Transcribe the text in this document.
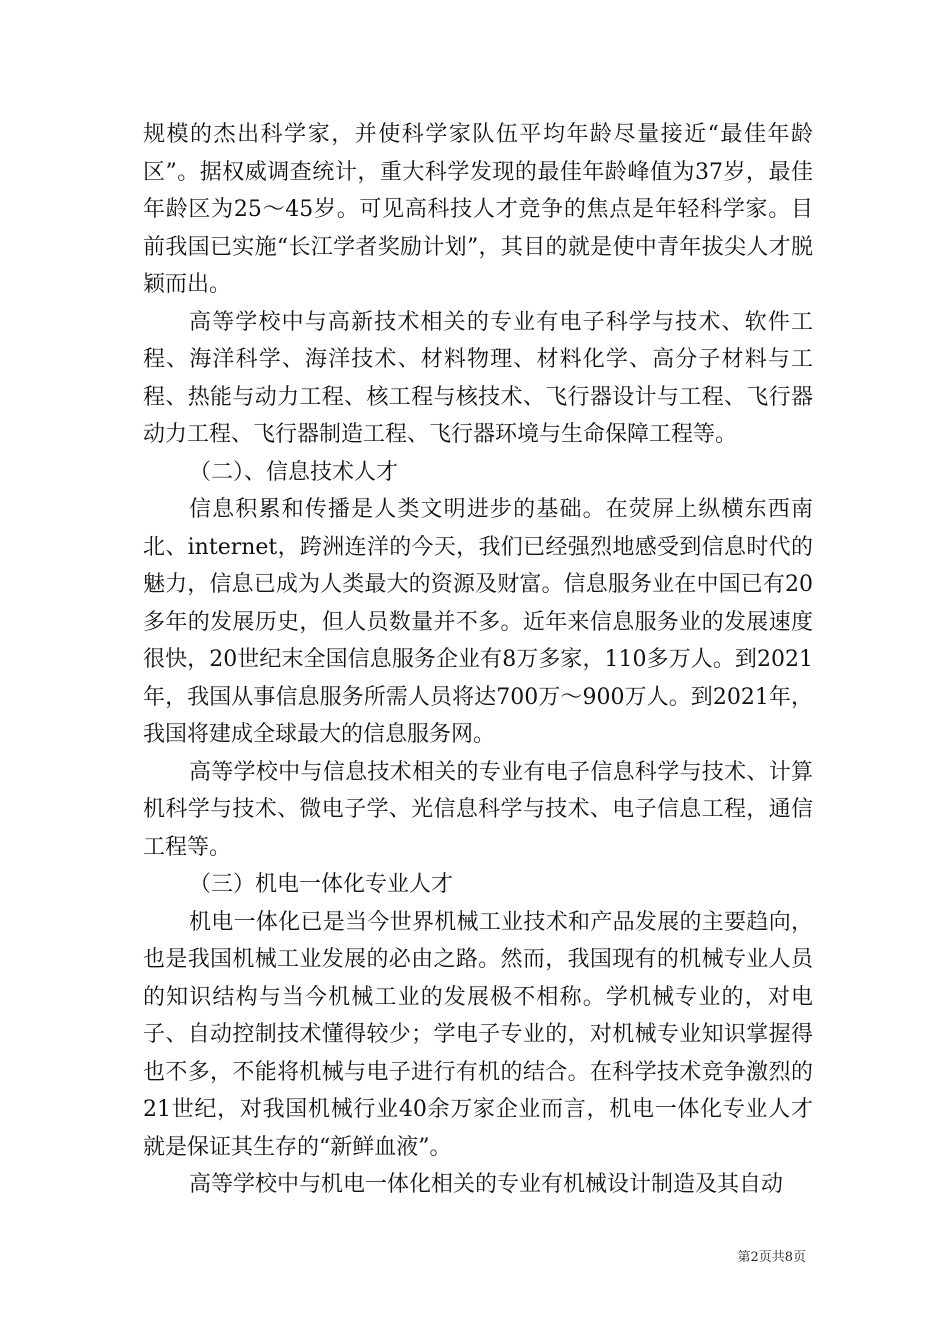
规模的杰出科学家，并使科学家队伍平均年龄尽量接近“最佳年龄区”。据权威调查统计，重大科学发现的最佳年龄峰值为37岁，最佳年龄区为25～45岁。可见高科技人才竞争的焦点是年轻科学家。目前我国已实施“长江学者奖励计划”，其目的就是使中青年拔尖人才脱颖而出。

高等学校中与高新技术相关的专业有电子科学与技术、软件工程、海洋科学、海洋技术、材料物理、材料化学、高分子材料与工程、热能与动力工程、核工程与核技术、飞行器设计与工程、飞行器动力工程、飞行器制造工程、飞行器环境与生命保障工程等。

（二）、信息技术人才

信息积累和传播是人类文明进步的基础。在荧屏上纵横东西南北、internet，跨洲连洋的今天，我们已经强烈地感受到信息时代的魅力，信息已成为人类最大的资源及财富。信息服务业在中国已有20多年的发展历史，但人员数量并不多。近年来信息服务业的发展速度很快，20世纪末全国信息服务企业有8万多家，110多万人。到2021年，我国从事信息服务所需人员将达700万～900万人。到2021年，我国将建成全球最大的信息服务网。

高等学校中与信息技术相关的专业有电子信息科学与技术、计算机科学与技术、微电子学、光信息科学与技术、电子信息工程，通信工程等。

（三）机电一体化专业人才

机电一体化已是当今世界机械工业技术和产品发展的主要趋向，也是我国机械工业发展的必由之路。然而，我国现有的机械专业人员的知识结构与当今机械工业的发展极不相称。学机械专业的，对电子、自动控制技术懂得较少；学电子专业的，对机械专业知识掌握得也不多，不能将机械与电子进行有机的结合。在科学技术竞争激烈的21世纪，对我国机械行业40余万家企业而言，机电一体化专业人才就是保证其生存的“新鲜血液”。

高等学校中与机电一体化相关的专业有机械设计制造及其自动

第2页共8页
